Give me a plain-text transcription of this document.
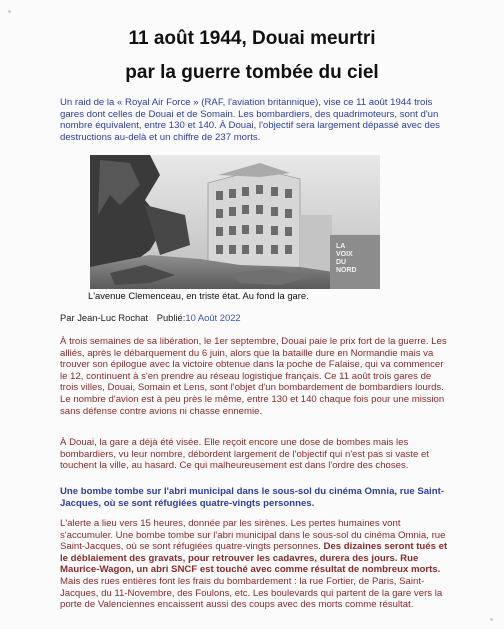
11 août 1944, Douai meurtri
par la guerre tombée du ciel
Un raid de la « Royal Air Force » (RAF, l'aviation britannique), vise ce 11 août 1944 trois gares dont celles de Douai et de Somain. Les bombardiers, des quadrimoteurs, sont d'un nombre équivalent, entre 130 et 140. À Douai, l'objectif sera largement dépassé avec des destructions au-delà et un chiffre de 237 morts.
LA
VOIX
DU
NORD
L'avenue Clemenceau, en triste état. Au fond la gare.
Par Jean-Luc Rochat Publié:10 Août 2022
À trois semaines de sa libération, le 1er septembre, Douai paie le prix fort de la guerre. Les alliés, après le débarquement du 6 juin, alors que la bataille dure en Normandie mais va trouver son épilogue avec la victoire obtenue dans la poche de Falaise, qui va commencer le 12, continuent à s'en prendre au réseau logistique français. Ce 11 août trois gares de trois villes, Douai, Somain et Lens, sont l'objet d'un bombardement de bombardiers lourds. Le nombre d'avion est à peu près le même, entre 130 et 140 chaque fois pour une mission sans défense contre avions ni chasse ennemie.
À Douai, la gare a déjà été visée. Elle reçoit encore une dose de bombes mais les bombardiers, vu leur nombre, débordent largement de l'objectif qui n'est pas si vaste et touchent la ville, au hasard. Ce qui malheureusement est dans l'ordre des choses.
Une bombe tombe sur l'abri municipal dans le sous-sol du cinéma Omnia, rue Saint-Jacques, où se sont réfugiées quatre-vingts personnes.
L'alerte a lieu vers 15 heures, donnée par les sirènes. Les pertes humaines vont s'accumuler. Une bombe tombe sur l'abri municipal dans le sous-sol du cinéma Omnia, rue Saint-Jacques, où se sont réfugiées quatre-vingts personnes. Des dizaines seront tués et le déblaiement des gravats, pour retrouver les cadavres, durera des jours. Rue Maurice-Wagon, un abri SNCF est touché avec comme résultat de nombreux morts. Mais des rues entières font les frais du bombardement : la rue Fortier, de Paris, Saint-Jacques, du 11-Novembre, des Foulons, etc. Les boulevards qui partent de la gare vers la porte de Valenciennes encaissent aussi des coups avec des morts comme résultat.
